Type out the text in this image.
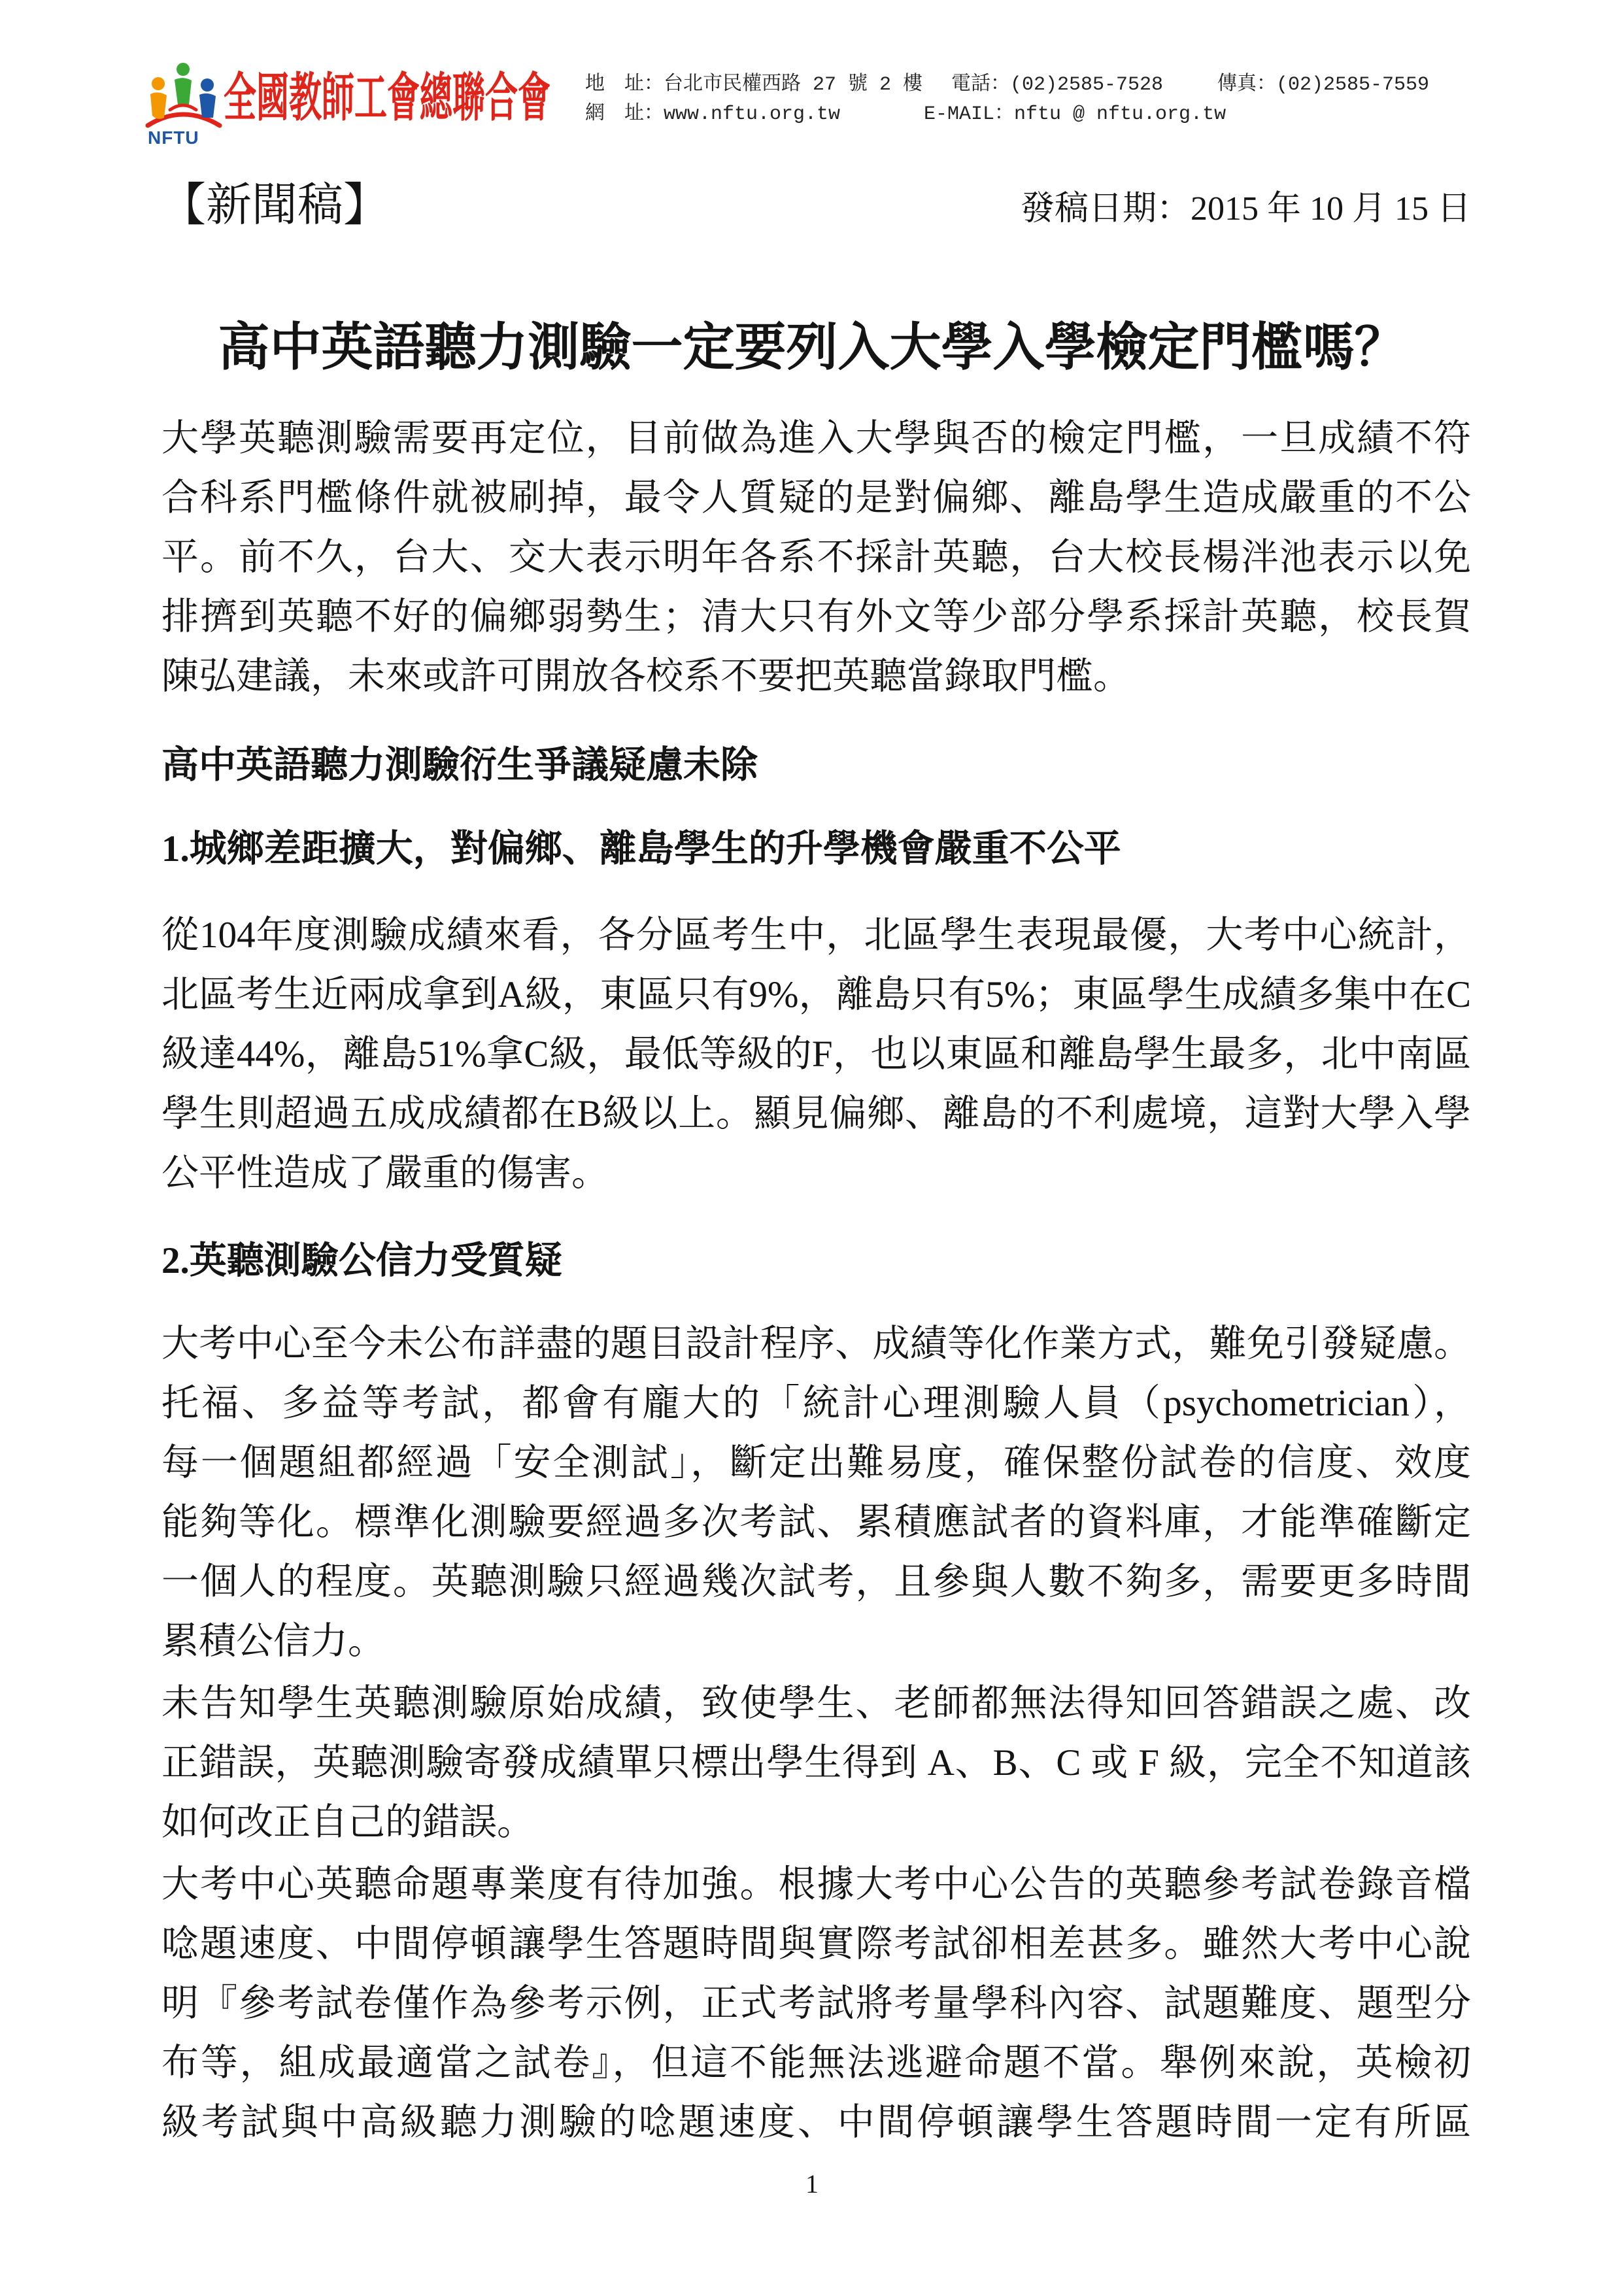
NFTU
全國教師工會總聯合會 地　址：台北市民權西路 27 號 2 樓 電話：(02)2585-7528	傳真：(02)2585-7559
網　址：www.nftu.org.tw	E-MAIL：nftu @ nftu.org.tw
【新聞稿】	發稿日期：2015 年 10 月 15 日
高中英語聽力測驗一定要列入大學入學檢定門檻嗎？
大學英聽測驗需要再定位，目前做為進入大學與否的檢定門檻，一旦成績不符
合科系門檻條件就被刷掉，最令人質疑的是對偏鄉、離島學生造成嚴重的不公
平。前不久，台大、交大表示明年各系不採計英聽，台大校長楊泮池表示以免
排擠到英聽不好的偏鄉弱勢生；清大只有外文等少部分學系採計英聽，校長賀
陳弘建議，未來或許可開放各校系不要把英聽當錄取門檻。
高中英語聽力測驗衍生爭議疑慮未除
1.城鄉差距擴大，對偏鄉、離島學生的升學機會嚴重不公平
從104年度測驗成績來看，各分區考生中，北區學生表現最優，大考中心統計，
北區考生近兩成拿到A級，東區只有9%，離島只有5%；東區學生成績多集中在C
級達44%，離島51%拿C級，最低等級的F，也以東區和離島學生最多，北中南區
學生則超過五成成績都在B級以上。顯見偏鄉、離島的不利處境，這對大學入學
公平性造成了嚴重的傷害。
2.英聽測驗公信力受質疑
大考中心至今未公布詳盡的題目設計程序、成績等化作業方式，難免引發疑慮。
托福、多益等考試，都會有龐大的「統計心理測驗人員（psychometrician），
每一個題組都經過「安全測試」，斷定出難易度，確保整份試卷的信度、效度
能夠等化。標準化測驗要經過多次考試、累積應試者的資料庫，才能準確斷定
一個人的程度。英聽測驗只經過幾次試考，且參與人數不夠多，需要更多時間
累積公信力。
未告知學生英聽測驗原始成績，致使學生、老師都無法得知回答錯誤之處、改
正錯誤，英聽測驗寄發成績單只標出學生得到 A、B、C 或 F 級，完全不知道該
如何改正自己的錯誤。
大考中心英聽命題專業度有待加強。根據大考中心公告的英聽參考試卷錄音檔
唸題速度、中間停頓讓學生答題時間與實際考試卻相差甚多。雖然大考中心說
明『參考試卷僅作為參考示例，正式考試將考量學科內容、試題難度、題型分
布等，組成最適當之試卷』，但這不能無法逃避命題不當。舉例來說，英檢初
級考試與中高級聽力測驗的唸題速度、中間停頓讓學生答題時間一定有所區
1
